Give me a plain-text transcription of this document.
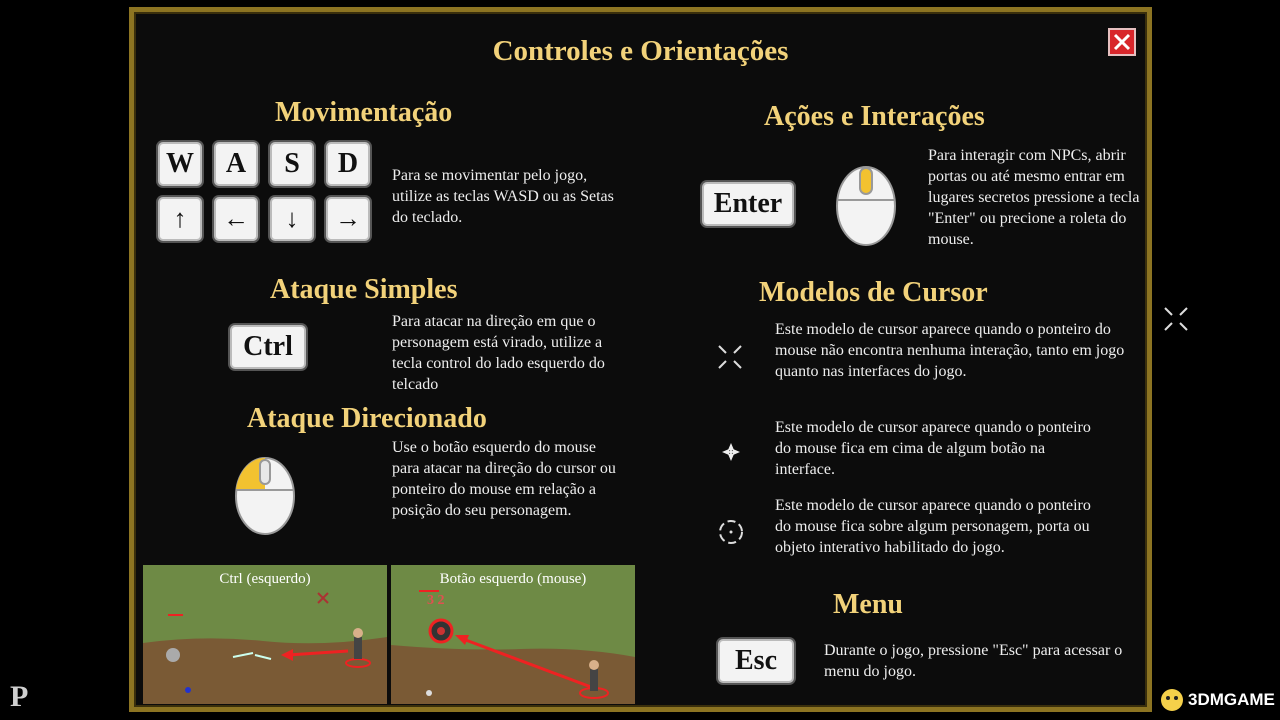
P	3DMGAME
Controles e Orientações
Movimentação
W A S D
↑ ← ↓ →
Para se movimentar pelo jogo, utilize as teclas WASD ou as Setas do teclado.
Ataque Simples
Ctrl
Para atacar na direção em que o personagem está virado, utilize a tecla control do lado esquerdo do telcado
Ataque Direcionado
Use o botão esquerdo do mouse para atacar na direção do cursor ou ponteiro do mouse em relação a posição do seu personagem.
Ctrl (esquerdo)	Botão esquerdo (mouse)
3 2
Ações e Interações
Enter
Para interagir com NPCs, abrir portas ou até mesmo entrar em lugares secretos pressione a tecla "Enter" ou precione a roleta do mouse.
Modelos de Cursor
Este modelo de cursor aparece quando o ponteiro do mouse não encontra nenhuma interação, tanto em jogo quanto nas interfaces do jogo.
Este modelo de cursor aparece quando o ponteiro do mouse fica em cima de algum botão na interface.
Este modelo de cursor aparece quando o ponteiro do mouse fica sobre algum personagem, porta ou objeto interativo habilitado do jogo.
Menu
Esc	Durante o jogo, pressione "Esc" para acessar o menu do jogo.
